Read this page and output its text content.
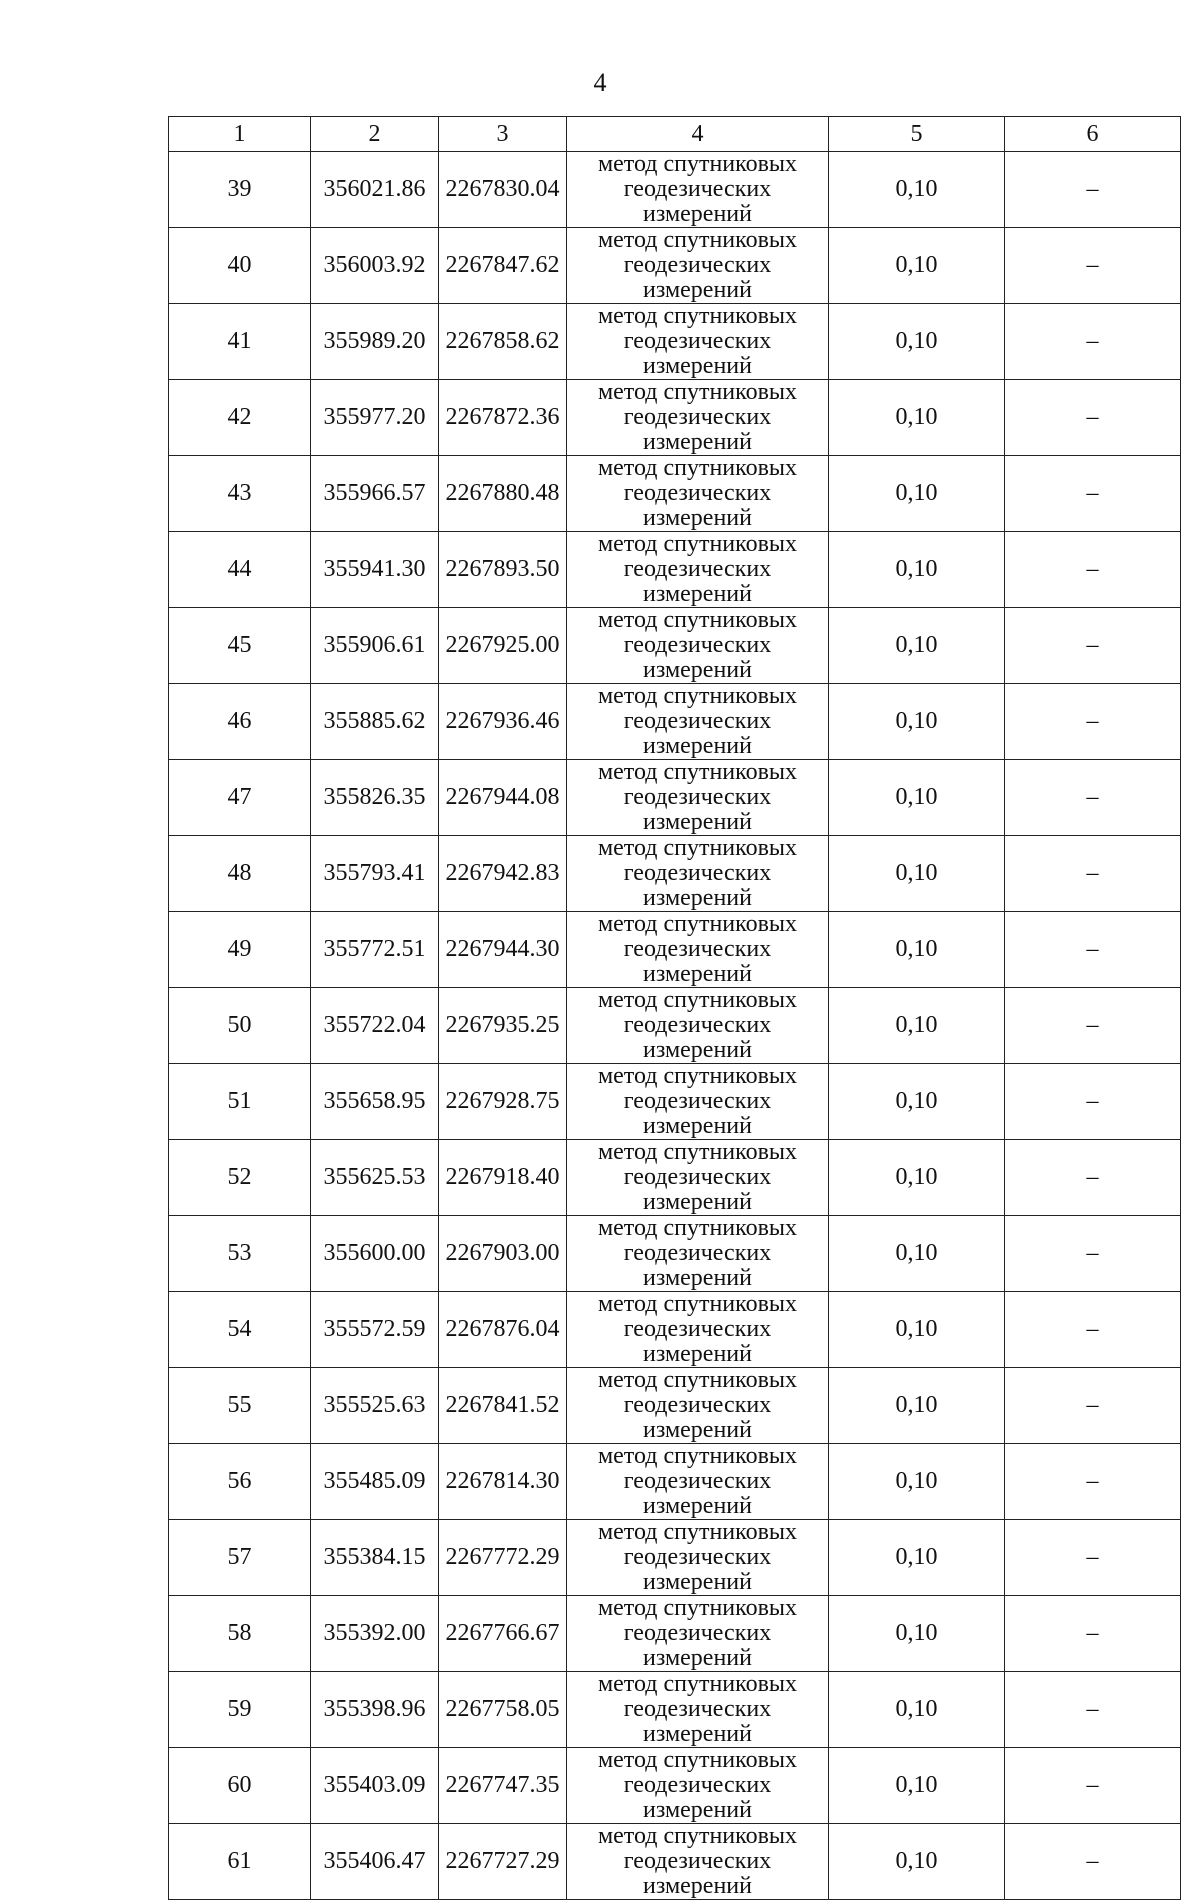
4
1	2	3	4	5	6
39	356021.86	2267830.04	метод спутниковых
геодезических измерений	0,10	–
40	356003.92	2267847.62	метод спутниковых
геодезических измерений	0,10	–
41	355989.20	2267858.62	метод спутниковых
геодезических измерений	0,10	–
42	355977.20	2267872.36	метод спутниковых
геодезических измерений	0,10	–
43	355966.57	2267880.48	метод спутниковых
геодезических измерений	0,10	–
44	355941.30	2267893.50	метод спутниковых
геодезических измерений	0,10	–
45	355906.61	2267925.00	метод спутниковых
геодезических измерений	0,10	–
46	355885.62	2267936.46	метод спутниковых
геодезических измерений	0,10	–
47	355826.35	2267944.08	метод спутниковых
геодезических измерений	0,10	–
48	355793.41	2267942.83	метод спутниковых
геодезических измерений	0,10	–
49	355772.51	2267944.30	метод спутниковых
геодезических измерений	0,10	–
50	355722.04	2267935.25	метод спутниковых
геодезических измерений	0,10	–
51	355658.95	2267928.75	метод спутниковых
геодезических измерений	0,10	–
52	355625.53	2267918.40	метод спутниковых
геодезических измерений	0,10	–
53	355600.00	2267903.00	метод спутниковых
геодезических измерений	0,10	–
54	355572.59	2267876.04	метод спутниковых
геодезических измерений	0,10	–
55	355525.63	2267841.52	метод спутниковых
геодезических измерений	0,10	–
56	355485.09	2267814.30	метод спутниковых
геодезических измерений	0,10	–
57	355384.15	2267772.29	метод спутниковых
геодезических измерений	0,10	–
58	355392.00	2267766.67	метод спутниковых
геодезических измерений	0,10	–
59	355398.96	2267758.05	метод спутниковых
геодезических измерений	0,10	–
60	355403.09	2267747.35	метод спутниковых
геодезических измерений	0,10	–
61	355406.47	2267727.29	метод спутниковых
геодезических измерений	0,10	–
